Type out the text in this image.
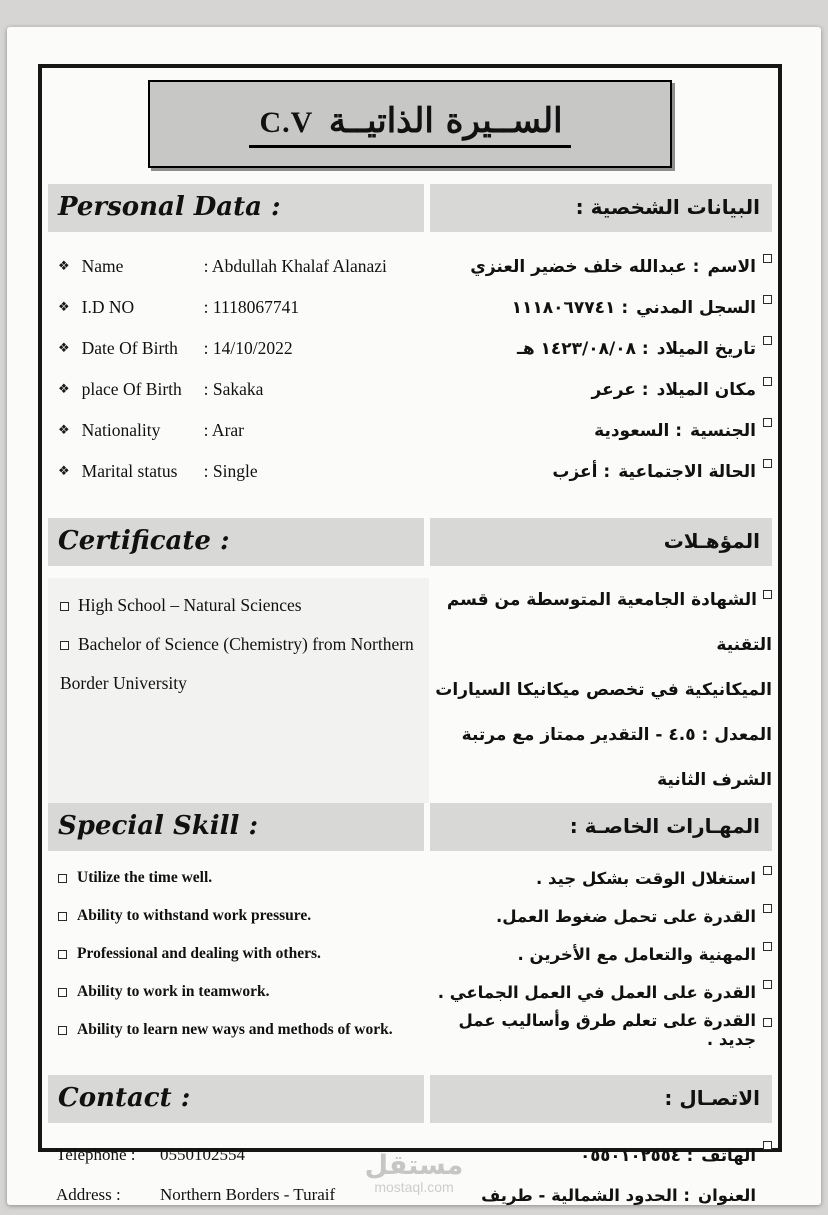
الســيرة الذاتيــة C.V
Personal Data :	البيانات الشخصية :
❖ Name	: Abdullah Khalaf Alanazi
❖ I.D NO	: 1118067741
❖ Date Of Birth	: 14/10/2022
❖ place Of Birth	: Sakaka
❖ Nationality	: Arar
❖ Marital status	: Single
الاسم
: عبدالله خلف خضير العنزي
السجل المدني
: ١١١٨٠٦٧٧٤١
تاريخ الميلاد
: ١٤٢٣/٠٨/٠٨ هـ
مكان الميلاد
: عرعر
الجنسية
: السعودية
الحالة الاجتماعية
: أعزب
Certificate :	المؤهـلات
High School – Natural Sciences
Bachelor of Science (Chemistry) from Northern Border University
الشهادة الجامعية المتوسطة من قسم التقنية
الميكانيكية في تخصص ميكانيكا السيارات
المعدل : ٤.٥ - التقدير ممتاز مع مرتبة الشرف الثانية
Special Skill :	المهـارات الخاصـة :
Utilize the time well.
Ability to withstand work pressure.
Professional and dealing with others.
Ability to work in teamwork.
Ability to learn new ways and methods of work.
استغلال الوقت بشكل جيد .
القدرة على تحمل ضغوط العمل.
المهنية والتعامل مع الأخرين .
القدرة على العمل في العمل الجماعي .
القدرة على تعلم طرق وأساليب عمل جديد .
Contact :	الاتصـال :
Telephone :	0550102554
Address :	Northern Borders - Turaif
الهاتف
: ٠٥٥٠١٠٢٥٥٤
العنوان
: الحدود الشمالية - طريف
مستقل
mostaql.com
